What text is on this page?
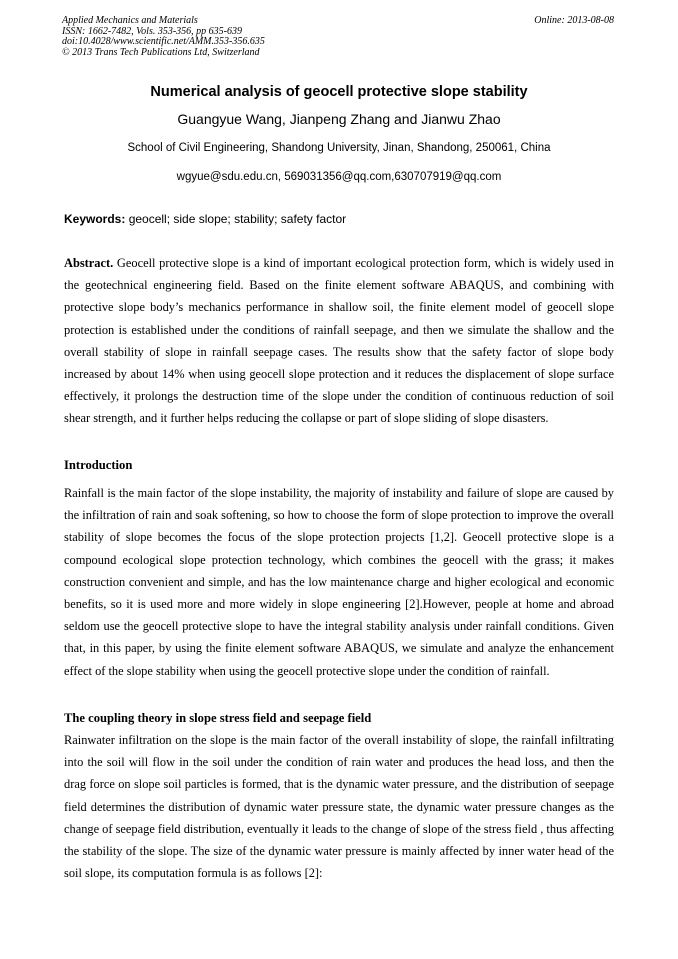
Applied Mechanics and Materials
ISSN: 1662-7482, Vols. 353-356, pp 635-639
doi:10.4028/www.scientific.net/AMM.353-356.635
© 2013 Trans Tech Publications Ltd, Switzerland
Online: 2013-08-08
Numerical analysis of geocell protective slope stability
Guangyue Wang, Jianpeng Zhang and Jianwu Zhao
School of Civil Engineering, Shandong University, Jinan, Shandong, 250061, China
wgyue@sdu.edu.cn, 569031356@qq.com,630707919@qq.com
Keywords: geocell; side slope; stability; safety factor

Abstract. Geocell protective slope is a kind of important ecological protection form, which is widely used in the geotechnical engineering field. Based on the finite element software ABAQUS, and combining with protective slope body’s mechanics performance in shallow soil, the finite element model of geocell slope protection is established under the conditions of rainfall seepage, and then we simulate the shallow and the overall stability of slope in rainfall seepage cases. The results show that the safety factor of slope body increased by about 14% when using geocell slope protection and it reduces the displacement of slope surface effectively, it prolongs the destruction time of the slope under the condition of continuous reduction of soil shear strength, and it further helps reducing the collapse or part of slope sliding of slope disasters.

Introduction

Rainfall is the main factor of the slope instability, the majority of instability and failure of slope are caused by the infiltration of rain and soak softening, so how to choose the form of slope protection to improve the overall stability of slope becomes the focus of the slope protection projects [1,2]. Geocell protective slope is a compound ecological slope protection technology, which combines the geocell with the grass; it makes construction convenient and simple, and has the low maintenance charge and higher ecological and economic benefits, so it is used more and more widely in slope engineering [2].However, people at home and abroad seldom use the geocell protective slope to have the integral stability analysis under rainfall conditions. Given that, in this paper, by using the finite element software ABAQUS, we simulate and analyze the enhancement effect of the slope stability when using the geocell protective slope under the condition of rainfall.

The coupling theory in slope stress field and seepage field

Rainwater infiltration on the slope is the main factor of the overall instability of slope, the rainfall infiltrating into the soil will flow in the soil under the condition of rain water and produces the head loss, and then the drag force on slope soil particles is formed, that is the dynamic water pressure, and the distribution of seepage field determines the distribution of dynamic water pressure state, the dynamic water pressure changes as the change of seepage field distribution, eventually it leads to the change of slope of the stress field , thus affecting the stability of the slope. The size of the dynamic water pressure is mainly affected by inner water head of the soil slope, its computation formula is as follows [2]:
